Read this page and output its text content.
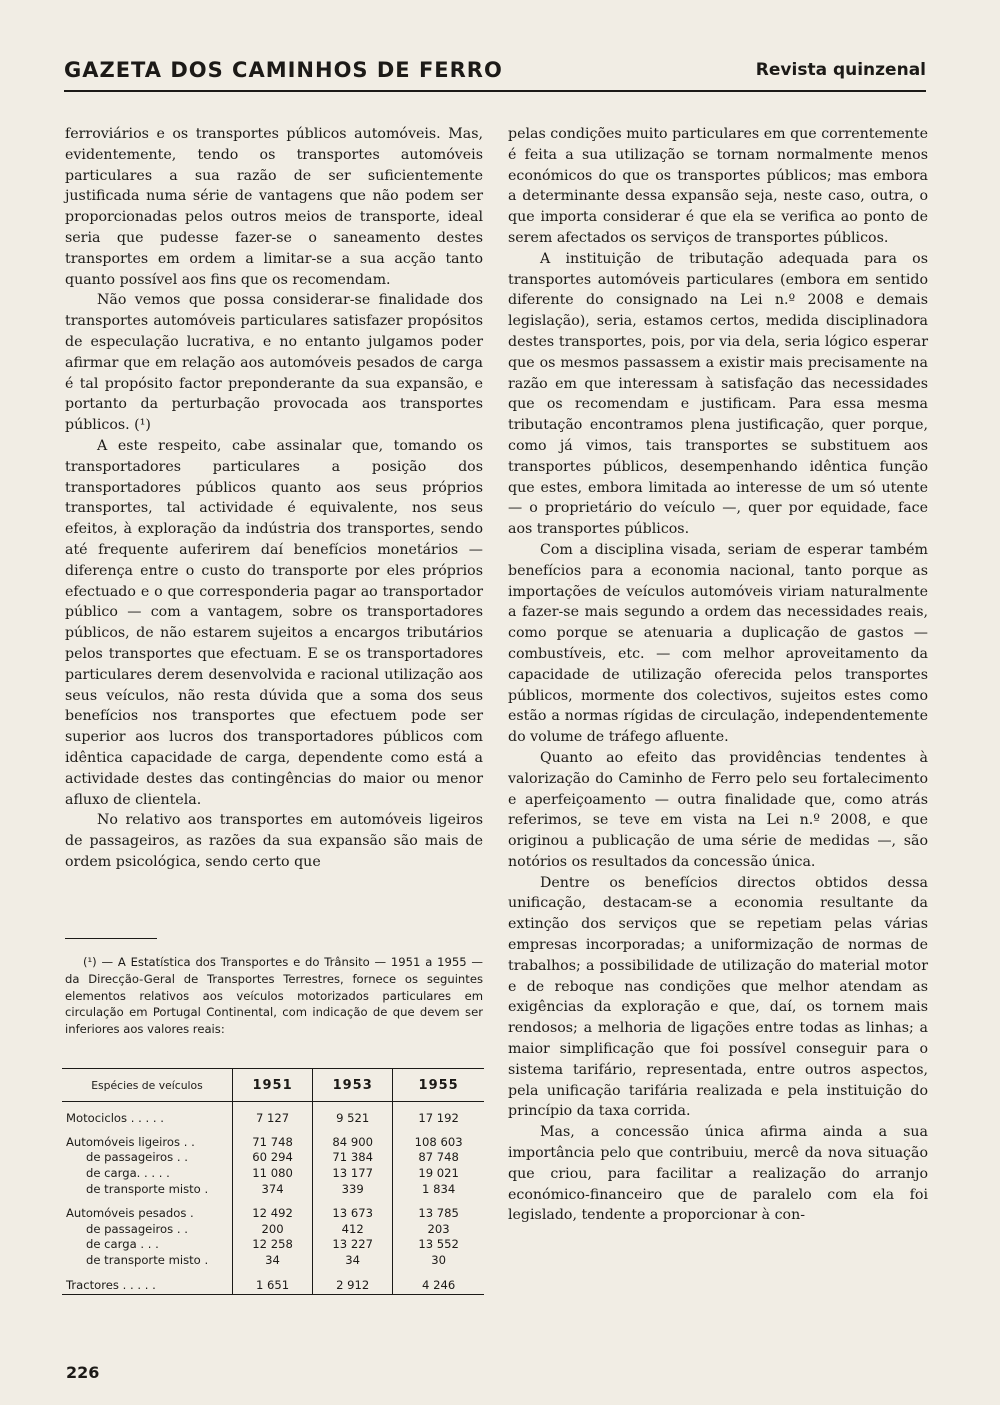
GAZETA DOS CAMINHOS DE FERRO	Revista quinzenal

ferroviários e os transportes públicos automóveis. Mas, evidentemente, tendo os transportes automóveis particulares a sua razão de ser suficientemente justificada numa série de vantagens que não podem ser proporcionadas pelos outros meios de transporte, ideal seria que pudesse fazer-se o saneamento destes transportes em ordem a limitar-se a sua acção tanto quanto possível aos fins que os recomendam.

Não vemos que possa considerar-se finalidade dos transportes automóveis particulares satisfazer propósitos de especulação lucrativa, e no entanto julgamos poder afirmar que em relação aos automóveis pesados de carga é tal propósito factor preponderante da sua expansão, e portanto da perturbação provocada aos transportes públicos. (¹)

A este respeito, cabe assinalar que, tomando os transportadores particulares a posição dos transportadores públicos quanto aos seus próprios transportes, tal actividade é equivalente, nos seus efeitos, à exploração da indústria dos transportes, sendo até frequente auferirem daí benefícios monetários — diferença entre o custo do transporte por eles próprios efectuado e o que corresponderia pagar ao transportador público — com a vantagem, sobre os transportadores públicos, de não estarem sujeitos a encargos tributários pelos transportes que efectuam. E se os transportadores particulares derem desenvolvida e racional utilização aos seus veículos, não resta dúvida que a soma dos seus benefícios nos transportes que efectuem pode ser superior aos lucros dos transportadores públicos com idêntica capacidade de carga, dependente como está a actividade destes das contingências do maior ou menor afluxo de clientela.

No relativo aos transportes em automóveis ligeiros de passageiros, as razões da sua expansão são mais de ordem psicológica, sendo certo que

(¹) — A Estatística dos Transportes e do Trânsito — 1951 a 1955 — da Direcção-Geral de Transportes Terrestres, fornece os seguintes elementos relativos aos veículos motorizados particulares em circulação em Portugal Continental, com indicação de que devem ser inferiores aos valores reais:

Espécies de veículos	1951	1953	1955

Motociclos . . . . .	7 127	9 521	17 192

Automóveis ligeiros . .	71 748	84 900	108 603
de passageiros . .	60 294	71 384	87 748
de carga. . . . .	11 080	13 177	19 021
de transporte misto .	374	339	1 834

Automóveis pesados .	12 492	13 673	13 785
de passageiros . .	200	412	203
de carga . . .	12 258	13 227	13 552
de transporte misto .	34	34	30

Tractores . . . . .	1 651	2 912	4 246

pelas condições muito particulares em que correntemente é feita a sua utilização se tornam normalmente menos económicos do que os transportes públicos; mas embora a determinante dessa expansão seja, neste caso, outra, o que importa considerar é que ela se verifica ao ponto de serem afectados os serviços de transportes públicos.

A instituição de tributação adequada para os transportes automóveis particulares (embora em sentido diferente do consignado na Lei n.º 2008 e demais legislação), seria, estamos certos, medida disciplinadora destes transportes, pois, por via dela, seria lógico esperar que os mesmos passassem a existir mais precisamente na razão em que interessam à satisfação das necessidades que os recomendam e justificam. Para essa mesma tributação encontramos plena justificação, quer porque, como já vimos, tais transportes se substituem aos transportes públicos, desempenhando idêntica função que estes, embora limitada ao interesse de um só utente — o proprietário do veículo —, quer por equidade, face aos transportes públicos.

Com a disciplina visada, seriam de esperar também benefícios para a economia nacional, tanto porque as importações de veículos automóveis viriam naturalmente a fazer-se mais segundo a ordem das necessidades reais, como porque se atenuaria a duplicação de gastos — combustíveis, etc. — com melhor aproveitamento da capacidade de utilização oferecida pelos transportes públicos, mormente dos colectivos, sujeitos estes como estão a normas rígidas de circulação, independentemente do volume de tráfego afluente.

Quanto ao efeito das providências tendentes à valorização do Caminho de Ferro pelo seu fortalecimento e aperfeiçoamento — outra finalidade que, como atrás referimos, se teve em vista na Lei n.º 2008, e que originou a publicação de uma série de medidas —, são notórios os resultados da concessão única.

Dentre os benefícios directos obtidos dessa unificação, destacam-se a economia resultante da extinção dos serviços que se repetiam pelas várias empresas incorporadas; a uniformização de normas de trabalhos; a possibilidade de utilização do material motor e de reboque nas condições que melhor atendam as exigências da exploração e que, daí, os tornem mais rendosos; a melhoria de ligações entre todas as linhas; a maior simplificação que foi possível conseguir para o sistema tarifário, representada, entre outros aspectos, pela unificação tarifária realizada e pela instituição do princípio da taxa corrida.

Mas, a concessão única afirma ainda a sua importância pelo que contribuiu, mercê da nova situação que criou, para facilitar a realização do arranjo económico-financeiro que de paralelo com ela foi legislado, tendente a proporcionar à con-

226
